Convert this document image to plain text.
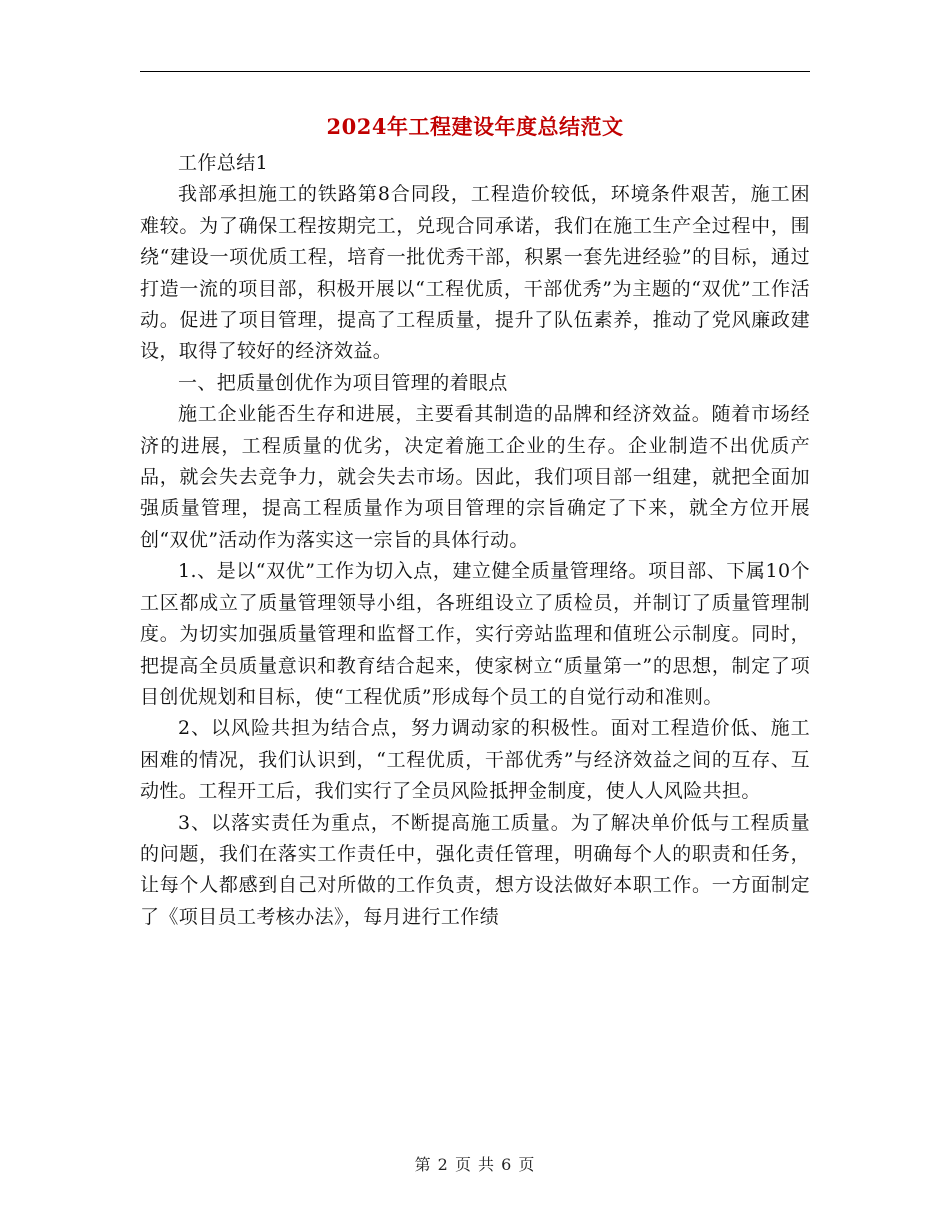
2024年工程建设年度总结范文

工作总结1

我部承担施工的铁路第8合同段，工程造价较低，环境条件艰苦，施工困难较。为了确保工程按期完工，兑现合同承诺，我们在施工生产全过程中，围绕“建设一项优质工程，培育一批优秀干部，积累一套先进经验”的目标，通过打造一流的项目部，积极开展以“工程优质，干部优秀”为主题的“双优”工作活动。促进了项目管理，提高了工程质量，提升了队伍素养，推动了党风廉政建设，取得了较好的经济效益。

一、把质量创优作为项目管理的着眼点

施工企业能否生存和进展，主要看其制造的品牌和经济效益。随着市场经济的进展，工程质量的优劣，决定着施工企业的生存。企业制造不出优质产品，就会失去竞争力，就会失去市场。因此，我们项目部一组建，就把全面加强质量管理，提高工程质量作为项目管理的宗旨确定了下来，就全方位开展创“双优”活动作为落实这一宗旨的具体行动。

1.、是以“双优”工作为切入点，建立健全质量管理络。项目部、下属10个工区都成立了质量管理领导小组，各班组设立了质检员，并制订了质量管理制度。为切实加强质量管理和监督工作，实行旁站监理和值班公示制度。同时，把提高全员质量意识和教育结合起来，使家树立“质量第一”的思想，制定了项目创优规划和目标，使“工程优质”形成每个员工的自觉行动和准则。

2、以风险共担为结合点，努力调动家的积极性。面对工程造价低、施工困难的情况，我们认识到，“工程优质，干部优秀”与经济效益之间的互存、互动性。工程开工后，我们实行了全员风险抵押金制度，使人人风险共担。

3、以落实责任为重点，不断提高施工质量。为了解决单价低与工程质量的问题，我们在落实工作责任中，强化责任管理，明确每个人的职责和任务，让每个人都感到自己对所做的工作负责，想方设法做好本职工作。一方面制定了《项目员工考核办法》，每月进行工作绩

第 2 页 共 6 页
